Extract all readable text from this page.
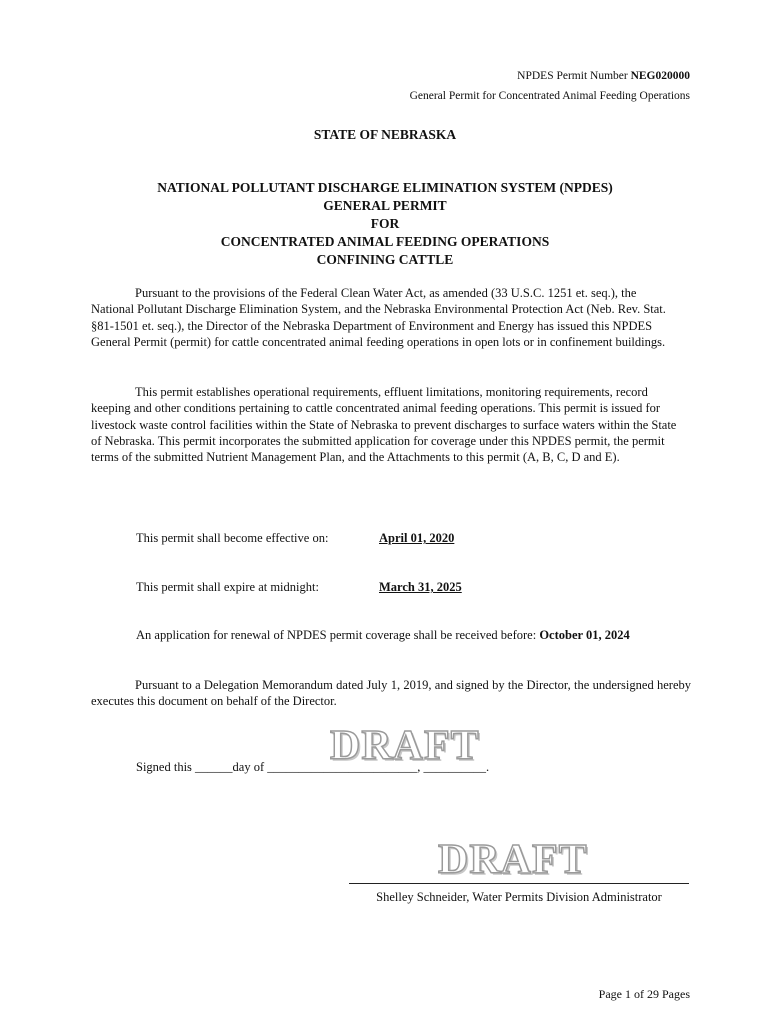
NPDES Permit Number NEG020000
General Permit for Concentrated Animal Feeding Operations
STATE OF NEBRASKA
NATIONAL POLLUTANT DISCHARGE ELIMINATION SYSTEM (NPDES)
GENERAL PERMIT
FOR
CONCENTRATED ANIMAL FEEDING OPERATIONS
CONFINING CATTLE
Pursuant to the provisions of the Federal Clean Water Act, as amended (33 U.S.C. 1251 et. seq.), the National Pollutant Discharge Elimination System, and the Nebraska Environmental Protection Act (Neb. Rev. Stat. §81-1501 et. seq.), the Director of the Nebraska Department of Environment and Energy has issued this NPDES General Permit (permit) for cattle concentrated animal feeding operations in open lots or in confinement buildings.
This permit establishes operational requirements, effluent limitations, monitoring requirements, record keeping and other conditions pertaining to cattle concentrated animal feeding operations. This permit is issued for livestock waste control facilities within the State of Nebraska to prevent discharges to surface waters within the State of Nebraska. This permit incorporates the submitted application for coverage under this NPDES permit, the permit terms of the submitted Nutrient Management Plan, and the Attachments to this permit (A, B, C, D and E).
This permit shall become effective on:	April 01, 2020
This permit shall expire at midnight:	March 31, 2025
An application for renewal of NPDES permit coverage shall be received before: October 01, 2024
Pursuant to a Delegation Memorandum dated July 1, 2019, and signed by the Director, the undersigned hereby executes this document on behalf of the Director.
DRAFT
Signed this ______day of ________________________, __________.
DRAFT
Shelley Schneider, Water Permits Division Administrator
Page 1 of 29 Pages
